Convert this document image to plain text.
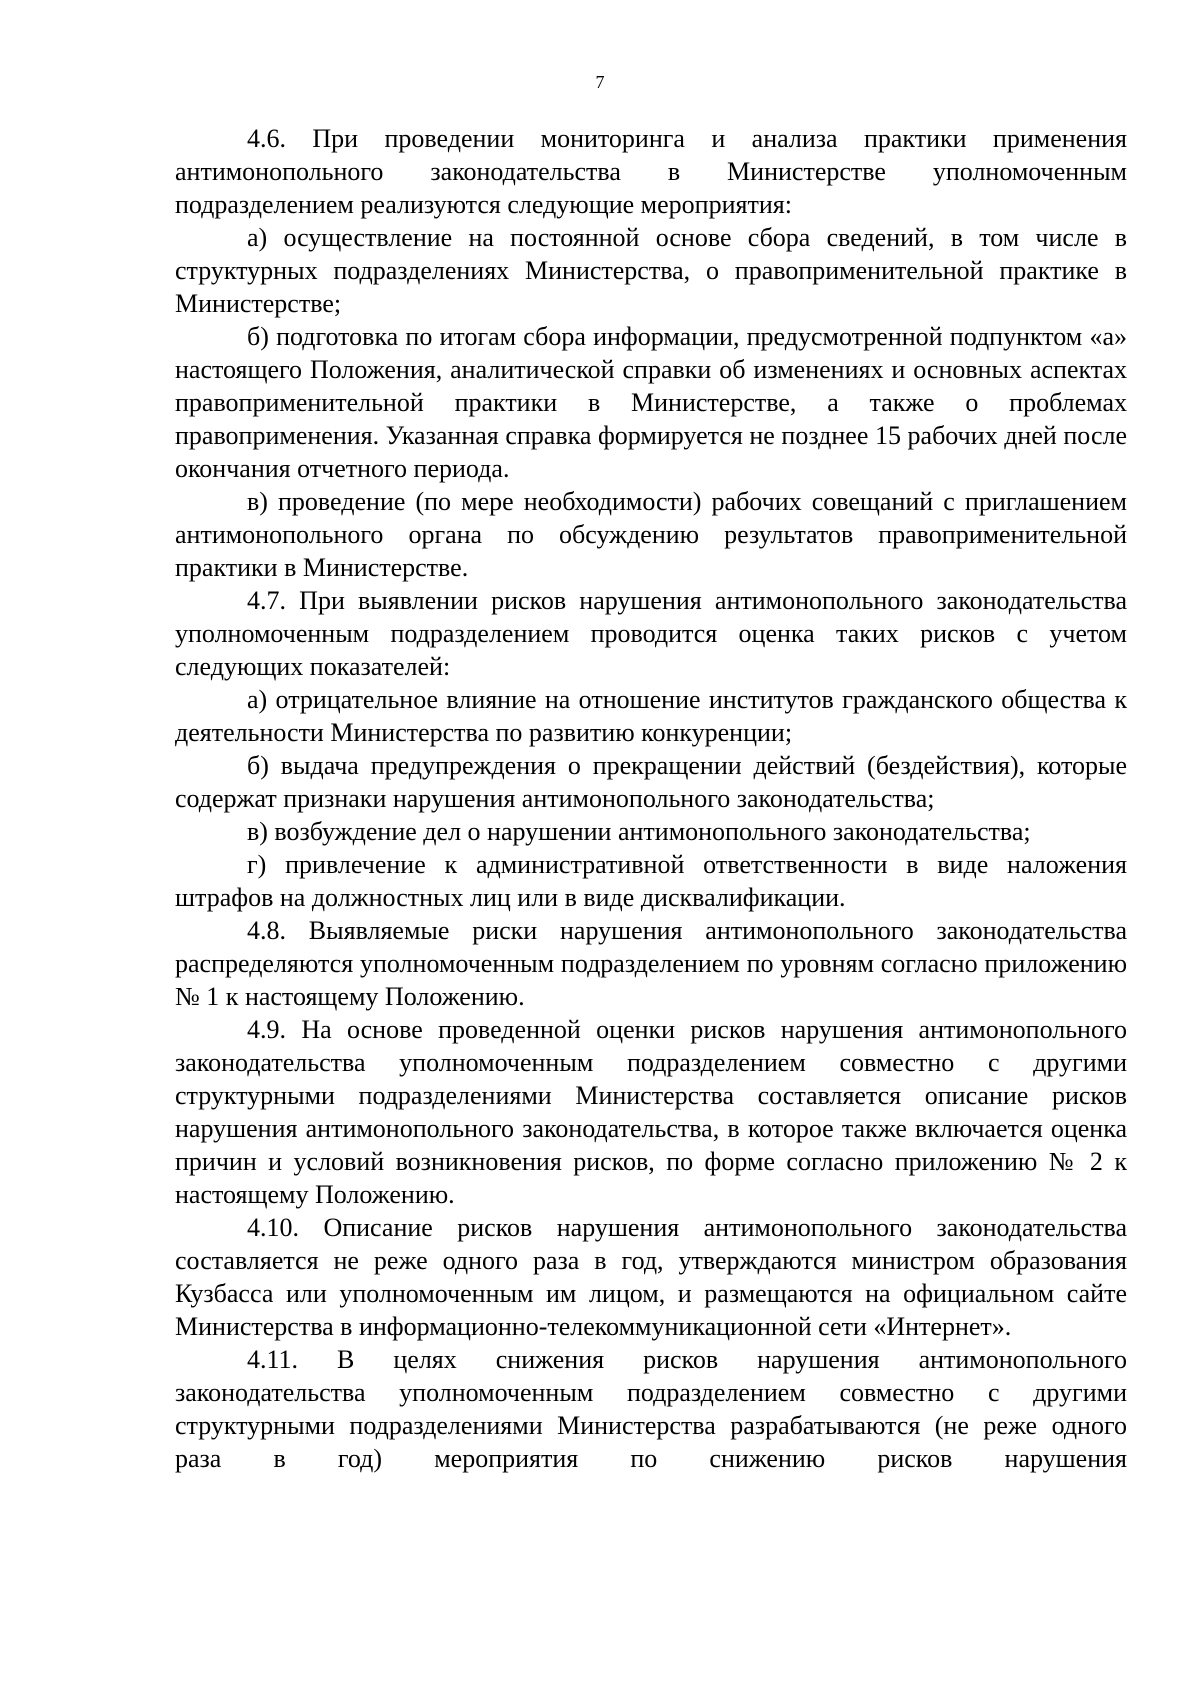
7

4.6. При проведении мониторинга и анализа практики применения антимонопольного законодательства в Министерстве уполномоченным подразделением реализуются следующие мероприятия:

а) осуществление на постоянной основе сбора сведений, в том числе в структурных подразделениях Министерства, о правоприменительной практике в Министерстве;

б) подготовка по итогам сбора информации, предусмотренной подпунктом «а» настоящего Положения, аналитической справки об изменениях и основных аспектах правоприменительной практики в Министерстве, а также о проблемах правоприменения. Указанная справка формируется не позднее 15 рабочих дней после окончания отчетного периода.

в) проведение (по мере необходимости) рабочих совещаний с приглашением антимонопольного органа по обсуждению результатов правоприменительной практики в Министерстве.

4.7. При выявлении рисков нарушения антимонопольного законодательства уполномоченным подразделением проводится оценка таких рисков с учетом следующих показателей:

а) отрицательное влияние на отношение институтов гражданского общества к деятельности Министерства по развитию конкуренции;

б) выдача предупреждения о прекращении действий (бездействия), которые содержат признаки нарушения антимонопольного законодательства;

в) возбуждение дел о нарушении антимонопольного законодательства;

г) привлечение к административной ответственности в виде наложения штрафов на должностных лиц или в виде дисквалификации.

4.8. Выявляемые риски нарушения антимонопольного законодательства распределяются уполномоченным подразделением по уровням согласно приложению № 1 к настоящему Положению.

4.9. На основе проведенной оценки рисков нарушения антимонопольного законодательства уполномоченным подразделением совместно с другими структурными подразделениями Министерства составляется описание рисков нарушения антимонопольного законодательства, в которое также включается оценка причин и условий возникновения рисков, по форме согласно приложению № 2 к настоящему Положению.

4.10. Описание рисков нарушения антимонопольного законодательства составляется не реже одного раза в год, утверждаются министром образования Кузбасса или уполномоченным им лицом, и размещаются на официальном сайте Министерства в информационно-телекоммуникационной сети «Интернет».

4.11. В целях снижения рисков нарушения антимонопольного законодательства уполномоченным подразделением совместно с другими структурными подразделениями Министерства разрабатываются (не реже одного раза в год) мероприятия по снижению рисков нарушения
